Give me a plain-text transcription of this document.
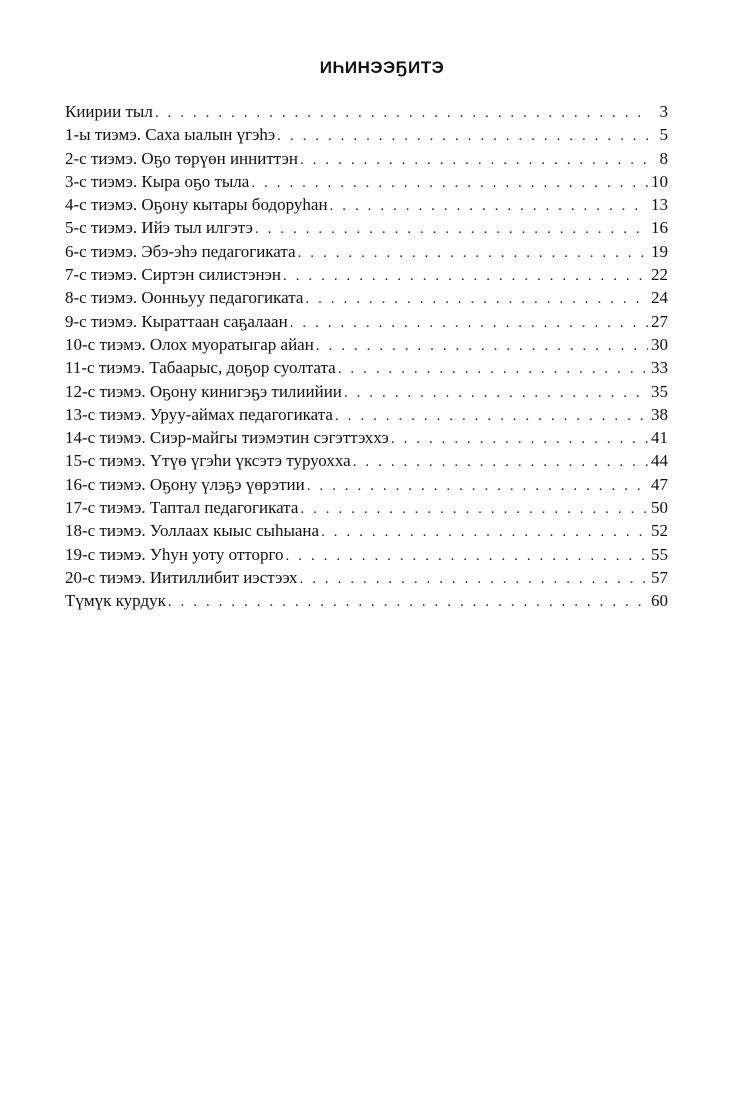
ИҺИНЭЭҔИТЭ
Киирии тыл . . .	3
1-ы тиэмэ. Саха ыалын үгэһэ . . .	5
2-с тиэмэ. Оҕо төрүөн инниттэн . . .	8
3-с тиэмэ. Кыра оҕо тыла . . .	10
4-с тиэмэ. Оҕону кытары бодоруһан . . .	13
5-с тиэмэ. Ийэ тыл илгэтэ . . .	16
6-с тиэмэ. Эбэ-эһэ педагогиката . . .	19
7-с тиэмэ. Сиртэн силистэнэн . . .	22
8-с тиэмэ. Оонньуу педагогиката . . .	24
9-с тиэмэ. Кыраттаан саҕалаан . . .	27
10-с тиэмэ. Олох муоратыгар айан . . .	30
11-с тиэмэ. Табаарыс, доҕор суолтата . . .	33
12-с тиэмэ. Оҕону кинигэҕэ тилиийии . . .	35
13-с тиэмэ. Уруу-аймах педагогиката . . .	38
14-с тиэмэ. Сиэр-майгы тиэмэтин сэгэттэххэ . . .	41
15-с тиэмэ. Үтүө үгэһи үксэтэ туруохха . . .	44
16-с тиэмэ. Оҕону үлэҕэ үөрэтии . . .	47
17-с тиэмэ. Таптал педагогиката . . .	50
18-с тиэмэ. Уоллаах кыыс сыһыана . . .	52
19-с тиэмэ. Уһун уоту отторго . . .	55
20-с тиэмэ. Иитиллибит иэстээх . . .	57
Түмүк курдук . . .	60
